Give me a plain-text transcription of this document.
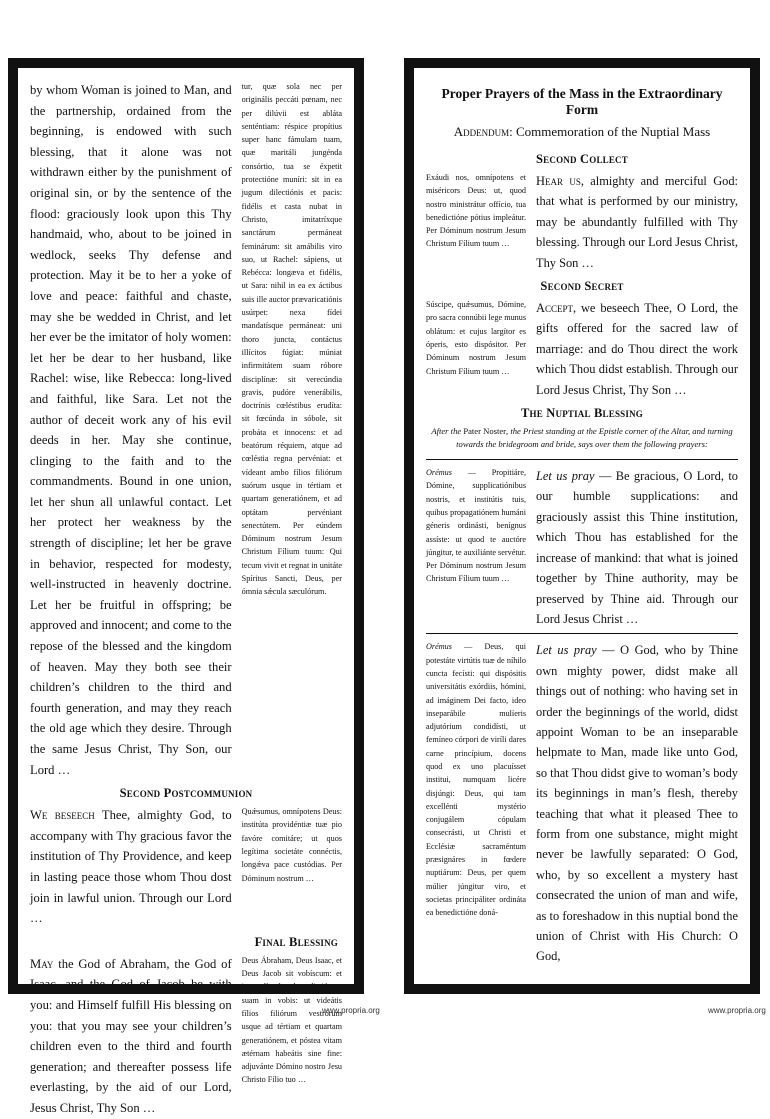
by whom Woman is joined to Man, and the partnership, ordained from the beginning, is endowed with such blessing, that it alone was not withdrawn either by the punishment of original sin, or by the sentence of the flood: graciously look upon this Thy handmaid, who, about to be joined in wedlock, seeks Thy defense and protection. May it be to her a yoke of love and peace: faithful and chaste, may she be wedded in Christ, and let her ever be the imitator of holy women: let her be dear to her husband, like Rachel: wise, like Rebecca: long-lived and faithful, like Sara. Let not the author of deceit work any of his evil deeds in her. May she continue, clinging to the faith and to the commandments. Bound in one union, let her shun all unlawful contact. Let her protect her weakness by the strength of discipline; let her be grave in behavior, respected for modesty, well-instructed in heavenly doctrine. Let her be fruitful in offspring; be approved and innocent; and come to the repose of the blessed and the kingdom of heaven. May they both see their children’s children to the third and fourth generation, and may they reach the old age which they desire. Through the same Jesus Christ, Thy Son, our Lord …
tur, quæ sola nec per originális peccáti pœnam, nec per dilúvii est abláta senténtiam: réspice propítius super hanc fámulam tuam, quæ maritáli jungénda consórtio, tua se éxpetit protectióne muníri: sit in ea jugum dilectiónis et pacis: fidélis et casta nubat in Christo, imitatríxque sanctárum permáneat feminárum: sit amábilis viro suo, ut Rachel: sápiens, ut Rebécca: longæva et fidélis, ut Sara: nihil in ea ex áctibus suis ille auctor prævaricatiónis usúrpet: nexa fídei mandatísque permáneat: uni thoro juncta, contáctus illícitos fúgiat: múniat infirmitátem suam róbore disciplínæ: sit verecúndia gravis, pudóre venerábilis, doctrínis cœléstibus erudíta: sit fœcúnda in sóbole, sit probáta et innocens: et ad beatórum réquiem, atque ad cœléstia regna pervéniat: et vídeant ambo fílios filiórum suórum usque in tértiam et quartam generatiónem, et ad optátam pervéniant senectútem. Per eúndem Dóminum nostrum Jesum Christum Fílium tuum: Qui tecum vivit et regnat in unitáte Spíritus Sancti, Deus, per ómnia sǽcula sæculórum.
Second Postcommunion
We beseech Thee, almighty God, to accompany with Thy gracious favor the institution of Thy Providence, and keep in lasting peace those whom Thou dost join in lawful union. Through our Lord …
Quǽsumus, omnípotens Deus: institúta providéntiæ tuæ pio favóre comitáre; ut quos legítima societáte connéctis, longǽva pace custódias. Per Dóminum nostrum …
Final Blessing
May the God of Abraham, the God of Isaac, and the God of Jacob be with you: and Himself fulfill His blessing on you: that you may see your children’s children even to the third and fourth generation; and thereafter possess life everlasting, by the aid of our Lord, Jesus Christ, Thy Son …
Deus Ábraham, Deus Isaac, et Deus Jacob sit vobíscum: et ipse adímpleat benedictiónem suam in vobis: ut videátis fílios filiórum vestrórum usque ad tértiam et quartam generatiónem, et póstea vitam ætérnam habeátis sine fine: adjuvánte Dómino nostro Jesu Christo Fílio tuo …
www.propria.org
Proper Prayers of the Mass in the Extraordinary Form
Addendum: Commemoration of the Nuptial Mass
Second Collect
Exáudi nos, omnípotens et miséricors Deus: ut, quod nostro ministrátur offício, tua benedictióne pótius impleátur. Per Dóminum nostrum Jesum Christum Fílium tuum …
Hear us, almighty and merciful God: that what is performed by our ministry, may be abundantly fulfilled with Thy blessing. Through our Lord Jesus Christ, Thy Son …
Second Secret
Súscipe, quǽsumus, Dómine, pro sacra connúbii lege munus oblátum: et cujus largítor es óperis, esto dispósitor. Per Dóminum nostrum Jesum Christum Fílium tuum …
Accept, we beseech Thee, O Lord, the gifts offered for the sacred law of marriage: and do Thou direct the work which Thou didst establish. Through our Lord Jesus Christ, Thy Son …
The Nuptial Blessing
After the Pater Noster, the Priest standing at the Epistle corner of the Altar, and turning towards the bridegroom and bride, says over them the following prayers:
Orémus — Propitiáre, Dómine, supplicatiónibus nostris, et institútis tuis, quibus propagatiónem humáni géneris ordinásti, benígnus assíste: ut quod te auctóre júngitur, te auxiliánte servétur. Per Dóminum nostrum Jesum Christum Fílium tuum …
Let us pray — Be gracious, O Lord, to our humble supplications: and graciously assist this Thine institution, which Thou has established for the increase of mankind: that what is joined together by Thine authority, may be preserved by Thine aid. Through our Lord Jesus Christ …
Orémus — Deus, qui potestáte virtútis tuæ de níhilo cuncta fecísti: qui dispósitis universitátis exórdiis, hómini, ad imáginem Dei facto, ideo inseparábile mulíeris adjutórium condidísti, ut femíneo córpori de viríli dares carne princípium, docens quod ex uno placuísset institui, numquam licére disjúngi: Deus, qui tam excellénti mystério conjugálem cópulam consecrásti, ut Christi et Ecclésiæ sacraméntum præsignáres in fœdere nuptiárum: Deus, per quem múlier júngitur viro, et societas principáliter ordináta ea benedictióne doná-
Let us pray — O God, who by Thine own mighty power, didst make all things out of nothing: who having set in order the beginnings of the world, didst appoint Woman to be an inseparable helpmate to Man, made like unto God, so that Thou didst give to woman’s body its beginnings in man’s flesh, thereby teaching that what it pleased Thee to form from one substance, might might never be lawfully separated: O God, who, by so excellent a mystery hast consecrated the union of man and wife, as to foreshadow in this nuptial bond the union of Christ with His Church: O God,
www.propria.org
